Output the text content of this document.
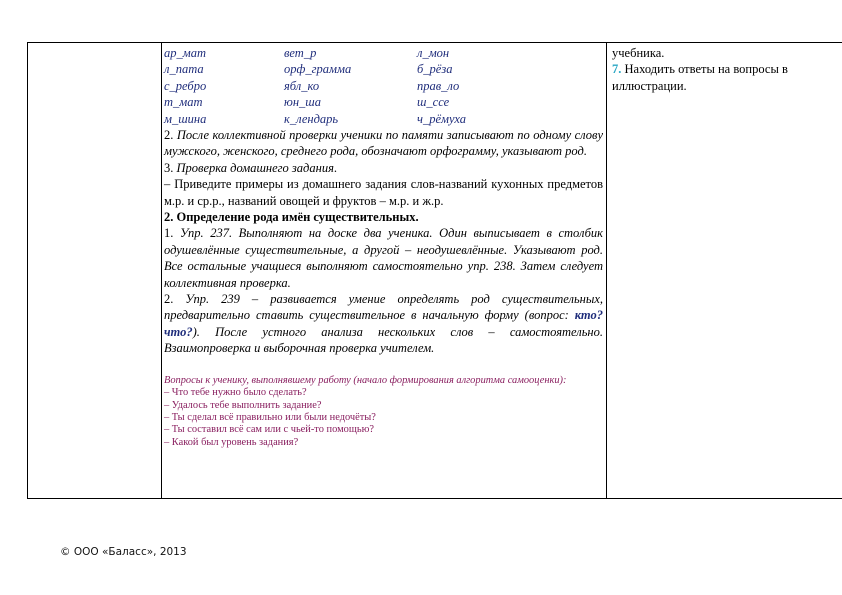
ар_мат	вет_р	л_мон
л_пата	орф_грамма	б_рёза
с_ребро	ябл_ко	прав_ло
т_мат	юн_ша	ш_ссе
м_шина	к_лендарь	ч_рёмуха

2. После коллективной проверки ученики по памяти записывают по одному слову мужского, женского, среднего рода, обозначают орфограмму, указывают род.

3. Проверка домашнего задания.

– Приведите примеры из домашнего задания слов-названий кухонных предметов м.р. и ср.р., названий овощей и фруктов – м.р. и ж.р.

2. Определение рода имён существительных.

1. Упр. 237. Выполняют на доске два ученика. Один выписывает в столбик одушевлённые существительные, а другой – неодушевлённые. Указывают род. Все остальные учащиеся выполняют самостоятельно упр. 238. Затем следует коллективная проверка.

2. Упр. 239 – развивается умение определять род существительных, предварительно ставить существительное в начальную форму (вопрос: кто? что?). После устного анализа нескольких слов – самостоятельно. Взаимопроверка и выборочная проверка учителем.

Вопросы к ученику, выполнявшему работу (начало формирования алгоритма самооценки):

– Что тебе нужно было сделать?

– Удалось тебе выполнить задание?

– Ты сделал всё правильно или были недочёты?

– Ты составил всё сам или с чьей-то помощью?

– Какой был уровень задания?

учебника.
7. Находить ответы на вопросы в иллюстрации.
© ООО «Баласс», 2013
